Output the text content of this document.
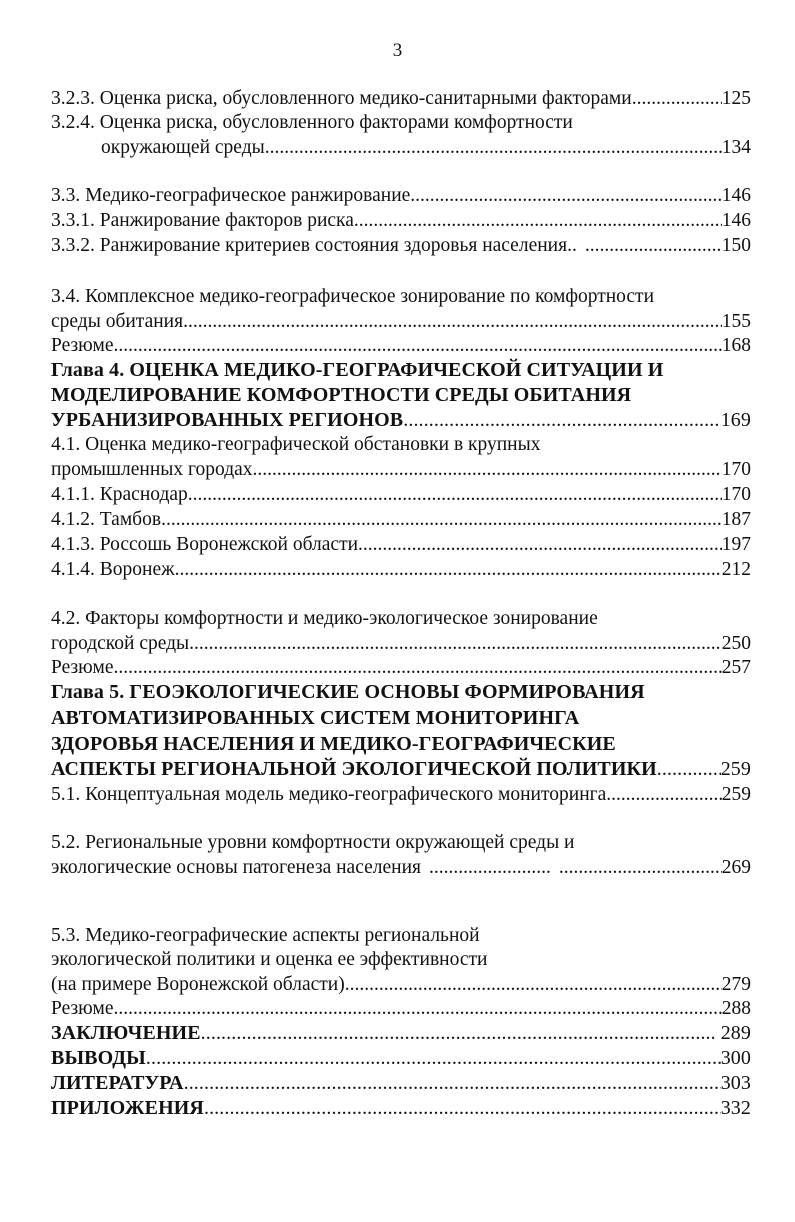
3
3.2.3. Оценка риска, обусловленного медико-санитарными факторами .....	125
3.2.4. Оценка риска, обусловленного факторами комфортности
окружающей среды .....	134
3.3. Медико-географическое ранжирование .....	146
3.3.1. Ранжирование факторов риска .....	146
3.3.2. Ранжирование критериев состояния здоровья населения.. .....	150
3.4. Комплексное медико-географическое зонирование по комфортности
среды обитания .....	155
Резюме .....	168
Глава 4. ОЦЕНКА МЕДИКО-ГЕОГРАФИЧЕСКОЙ СИТУАЦИИ И
МОДЕЛИРОВАНИЕ КОМФОРТНОСТИ СРЕДЫ ОБИТАНИЯ
УРБАНИЗИРОВАННЫХ РЕГИОНОВ .....	169
4.1. Оценка медико-географической обстановки в крупных
промышленных городах .....	170
4.1.1. Краснодар .....	170
4.1.2. Тамбов .....	187
4.1.3. Россошь Воронежской области .....	197
4.1.4. Воронеж .....	212
4.2. Факторы комфортности и медико-экологическое зонирование
городской среды .....	250
Резюме .....	257
Глава 5. ГЕОЭКОЛОГИЧЕСКИЕ ОСНОВЫ ФОРМИРОВАНИЯ
АВТОМАТИЗИРОВАННЫХ СИСТЕМ МОНИТОРИНГА
ЗДОРОВЬЯ НАСЕЛЕНИЯ И МЕДИКО-ГЕОГРАФИЧЕСКИЕ
АСПЕКТЫ РЕГИОНАЛЬНОЙ ЭКОЛОГИЧЕСКОЙ ПОЛИТИКИ .....	259
5.1. Концептуальная модель медико-географического мониторинга .....	259
5.2. Региональные уровни комфортности окружающей среды и
экологические основы патогенеза населения ......................... .....	269
5.3. Медико-географические аспекты региональной
экологической политики и оценка ее эффективности
(на примере Воронежской области) .....	279
Резюме .....	288
ЗАКЛЮЧЕНИЕ .....	289
ВЫВОДЫ .....	300
ЛИТЕРАТУРА .....	303
ПРИЛОЖЕНИЯ .....	332
